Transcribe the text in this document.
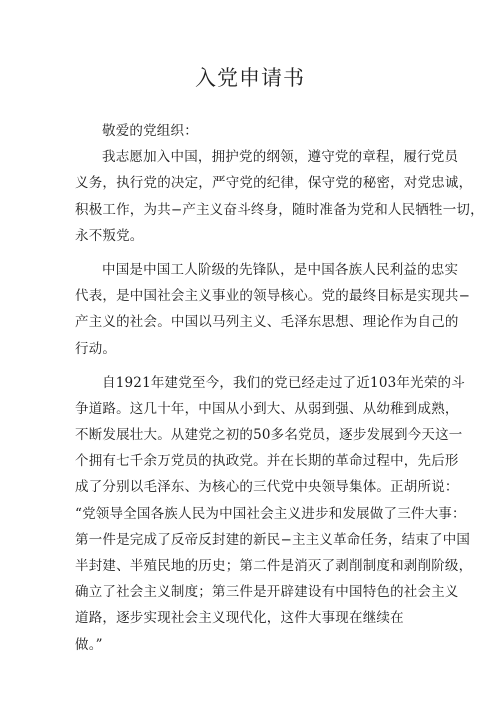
入党申请书
敬爱的党组织：
我志愿加入中国，拥护党的纲领，遵守党的章程，履行党员
义务，执行党的决定，严守党的纪律，保守党的秘密，对党忠诚，
积极工作，为共−产主义奋斗终身，随时准备为党和人民牺牲一切，
永不叛党。
中国是中国工人阶级的先锋队，是中国各族人民利益的忠实
代表，是中国社会主义事业的领导核心。党的最终目标是实现共−
产主义的社会。中国以马列主义、毛泽东思想、理论作为自己的
行动。
自1921年建党至今，我们的党已经走过了近103年光荣的斗
争道路。这几十年，中国从小到大、从弱到强、从幼稚到成熟，
不断发展壮大。从建党之初的50多名党员，逐步发展到今天这一
个拥有七千余万党员的执政党。并在长期的革命过程中，先后形
成了分别以毛泽东、为核心的三代党中央领导集体。正胡所说：
“党领导全国各族人民为中国社会主义进步和发展做了三件大事：
第一件是完成了反帝反封建的新民−主主义革命任务，结束了中国
半封建、半殖民地的历史；第二件是消灭了剥削制度和剥削阶级，
确立了社会主义制度；第三件是开辟建设有中国特色的社会主义
道路，逐步实现社会主义现代化，这件大事现在继续在
做。”
